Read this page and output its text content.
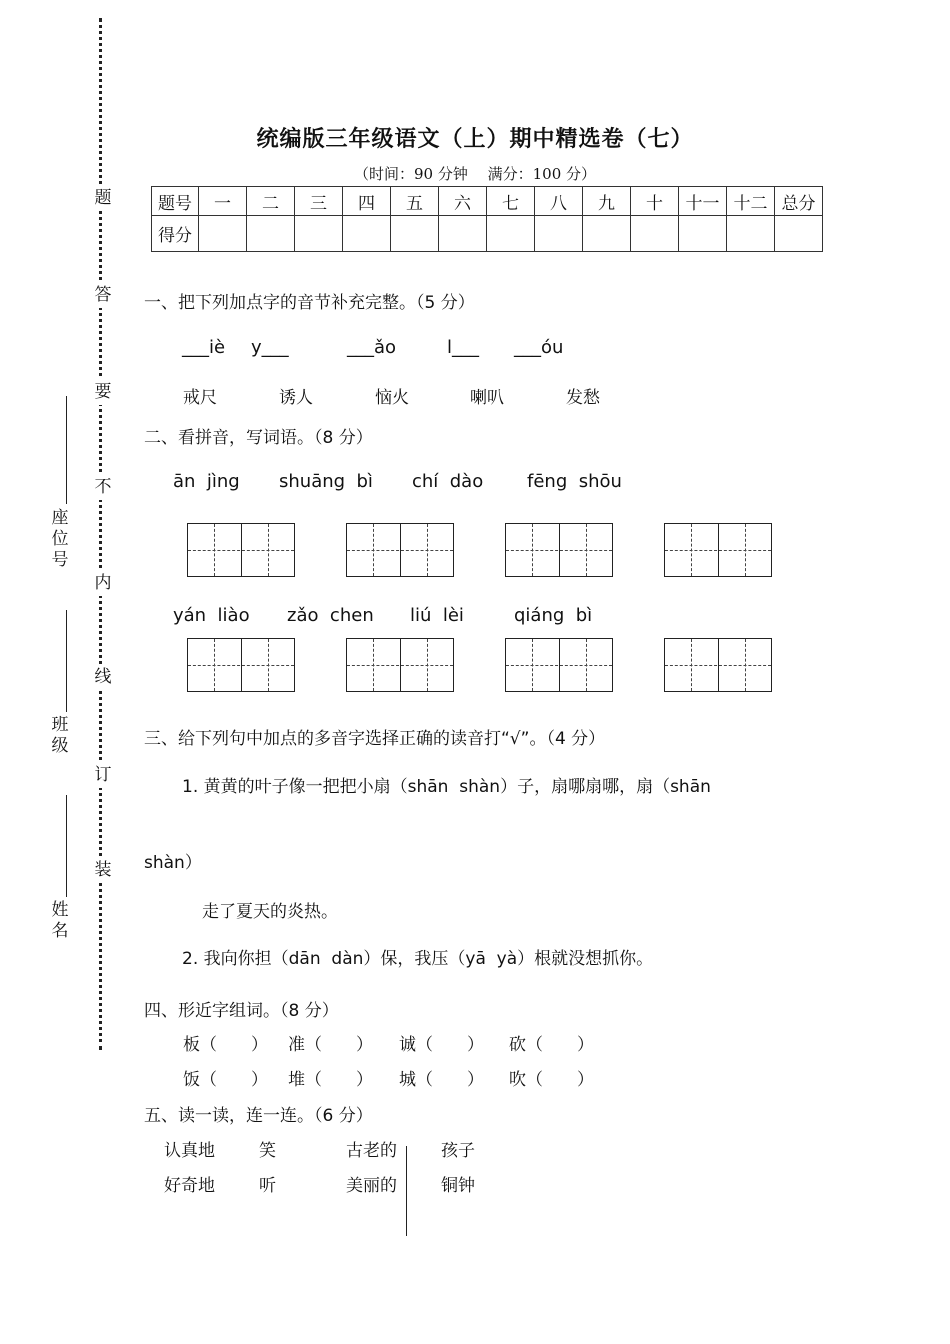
题
答
要
不
内
线
订
装
座位号
班级
姓名
统编版三年级语文（上）期中精选卷（七）
（时间：90 分钟　 满分：100 分）
题号	一	二	三	四	五	六	七	八	九	十	十一	十二	总分
得分													
一、把下列加点字的音节补充完整。（5 分）
___iè y___	___ǎo	l___ ___óu
戒尺	诱人	恼火	喇叭	发愁
二、看拼音，写词语。（8 分）
ān  jìng shuāng  bì chí  dào fēng  shōu
yán  liào zǎo  chen liú  lèi	qiáng  bì
三、给下列句中加点的多音字选择正确的读音打“√”。（4 分）
1. 黄黄的叶子像一把把小扇（shān  shàn）子，扇哪扇哪，扇（shān
shàn）
走了夏天的炎热。
2. 我向你担（dān  dàn）保，我压（yā  yà）根就没想抓你。
四、形近字组词。（8 分）
板（　　） 准（　　） 诚（　　） 砍（　　）
饭（　　） 堆（　　） 城（　　） 吹（　　）
五、读一读，连一连。（6 分）
认真地	笑	古老的	孩子
好奇地	听	美丽的	铜钟
